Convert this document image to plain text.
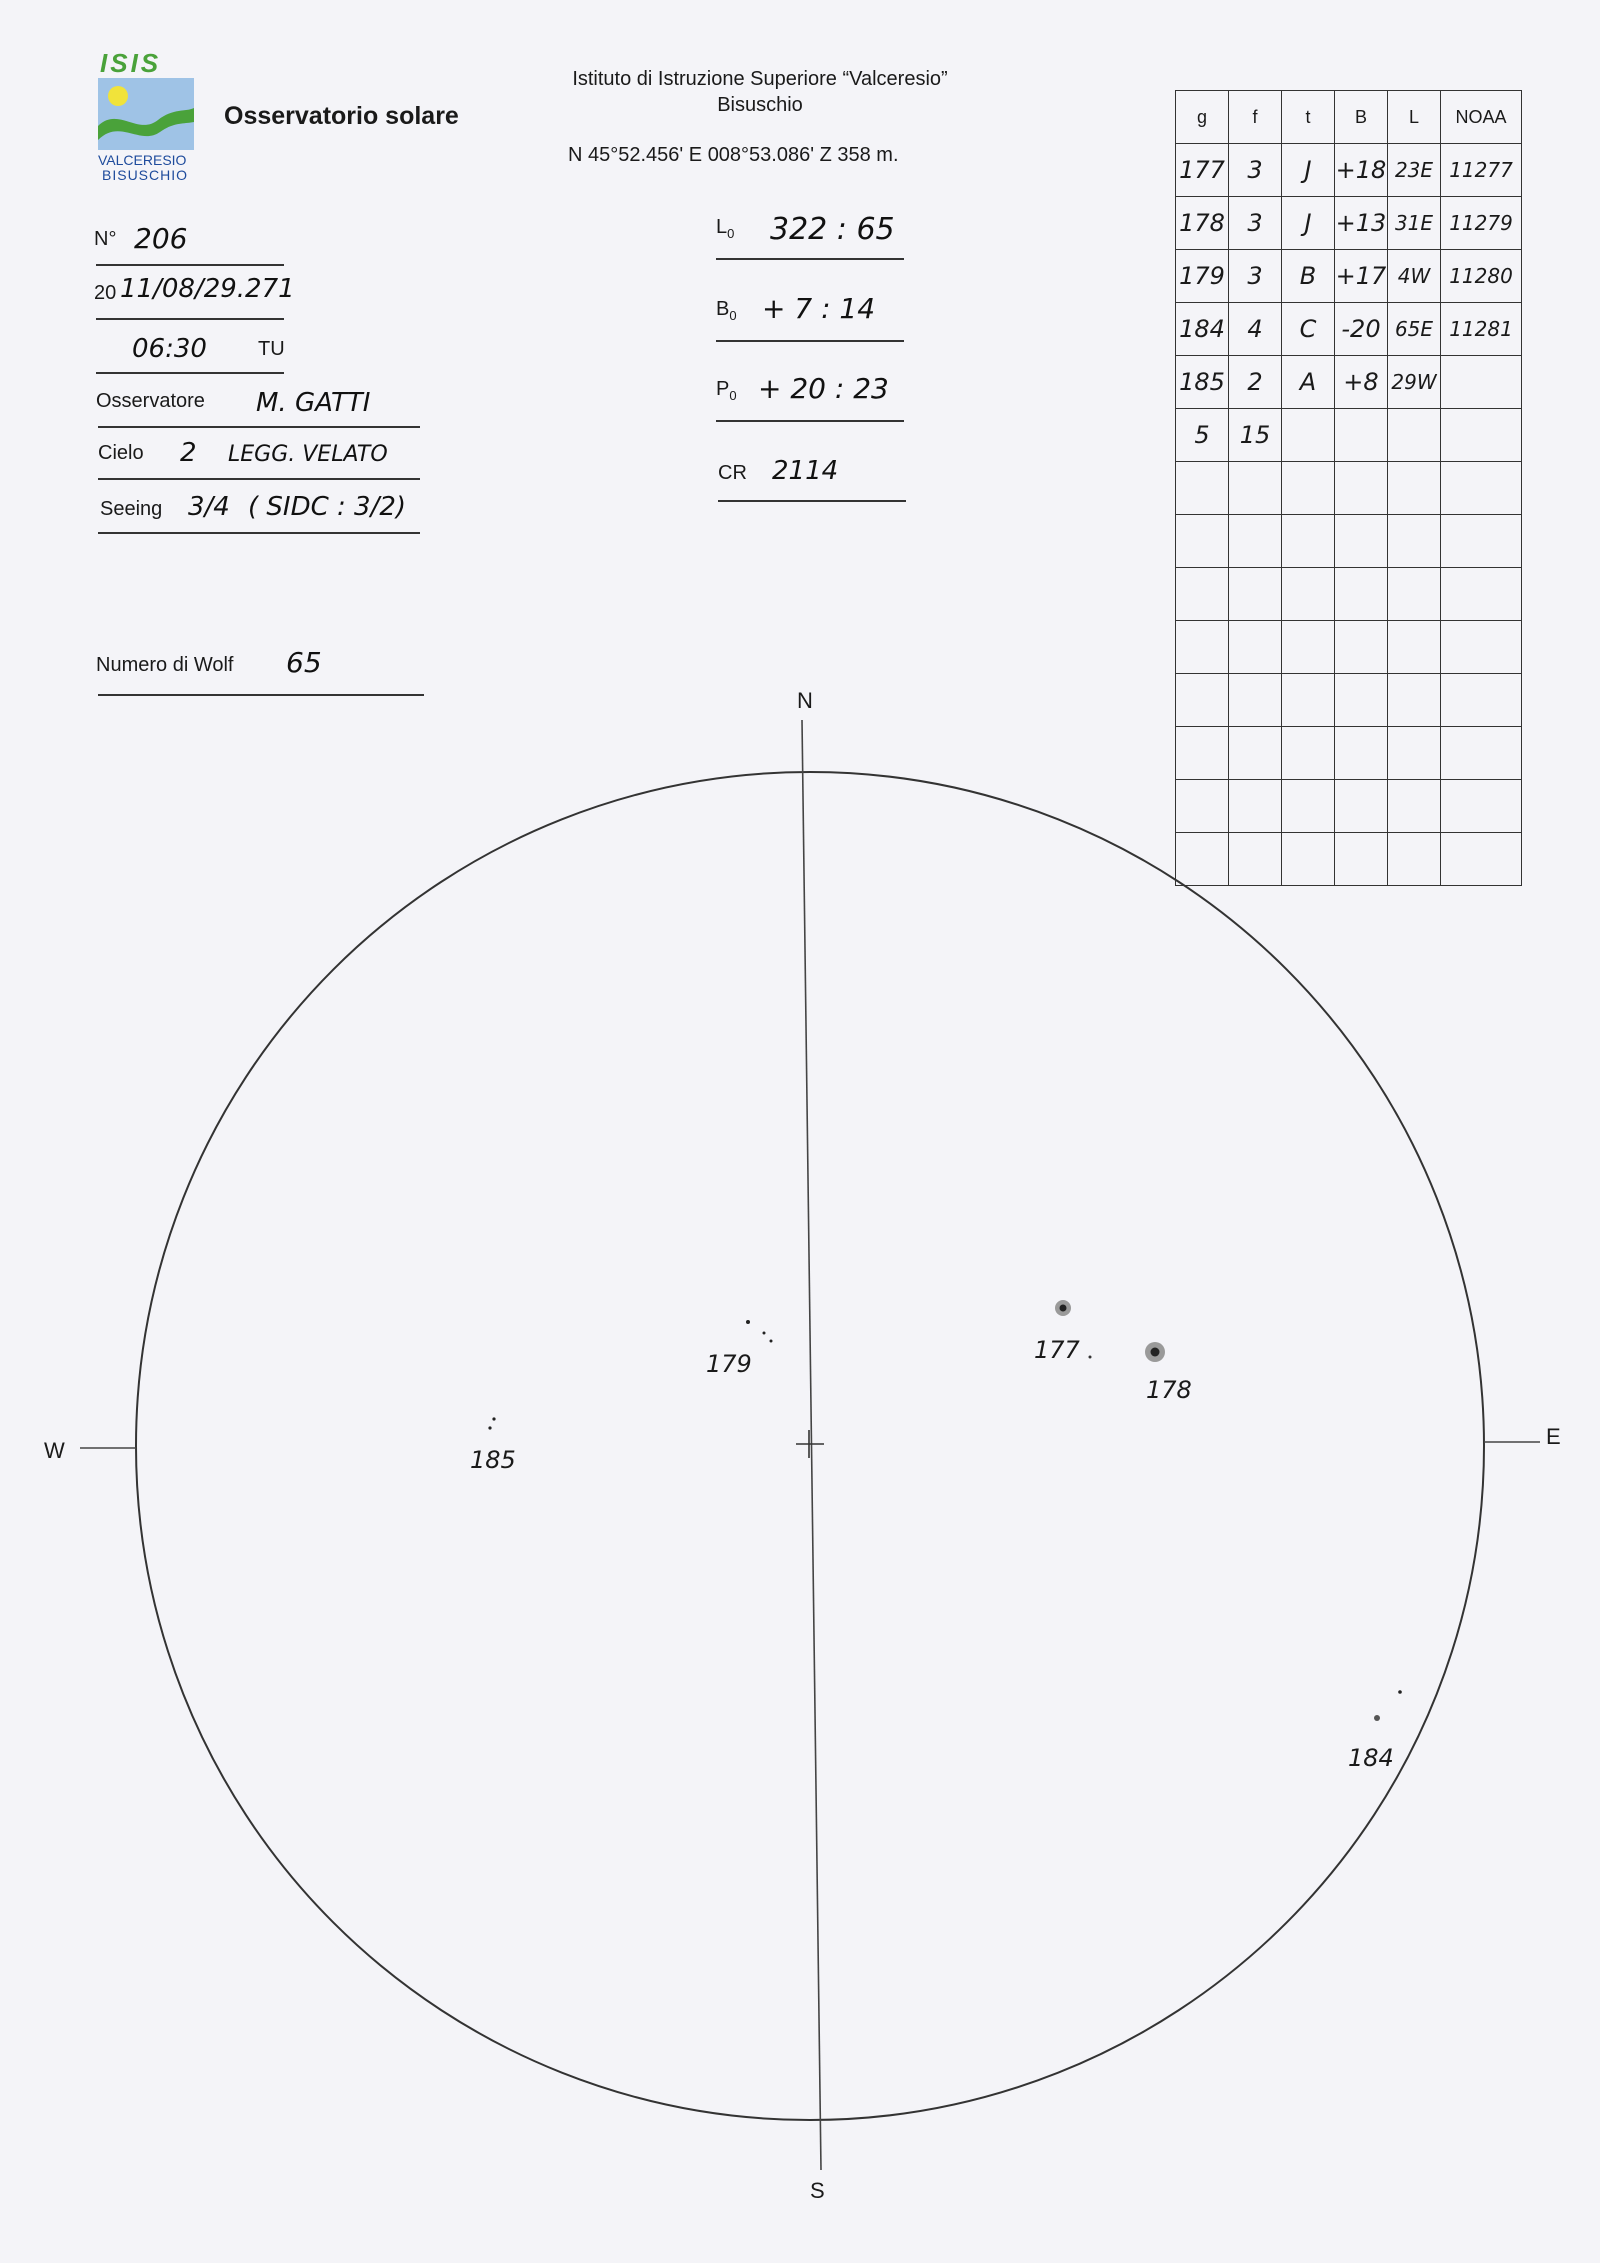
ISIS
VALCERESIO
BISUSCHIO
Osservatorio solare
Istituto di Istruzione Superiore “Valceresio”
Bisuschio
N 45°52.456' E 008°53.086' Z 358 m.
N° 206
20 11/08/29.271
06:30	TU
Osservatore M. GATTI
Cielo 2 LEGG. VELATO
Seeing 3/4 ( SIDC : 3/2)
Numero di Wolf 65
$L_0$ 322 : 65
$B_0 + 7$ : 14
$P_0 + 20$ : 23
CR 2114
g	f	t	B	L	NOAA
177	3	J	+18	23E	11277
178	3	J	+13	31E	11279
179	3	B	+17	4W	11280
184	4	C	-20	65E	11281
185	2	A	+8	29W	
5	15				

N
S
W
E
177
178
179
184
185
